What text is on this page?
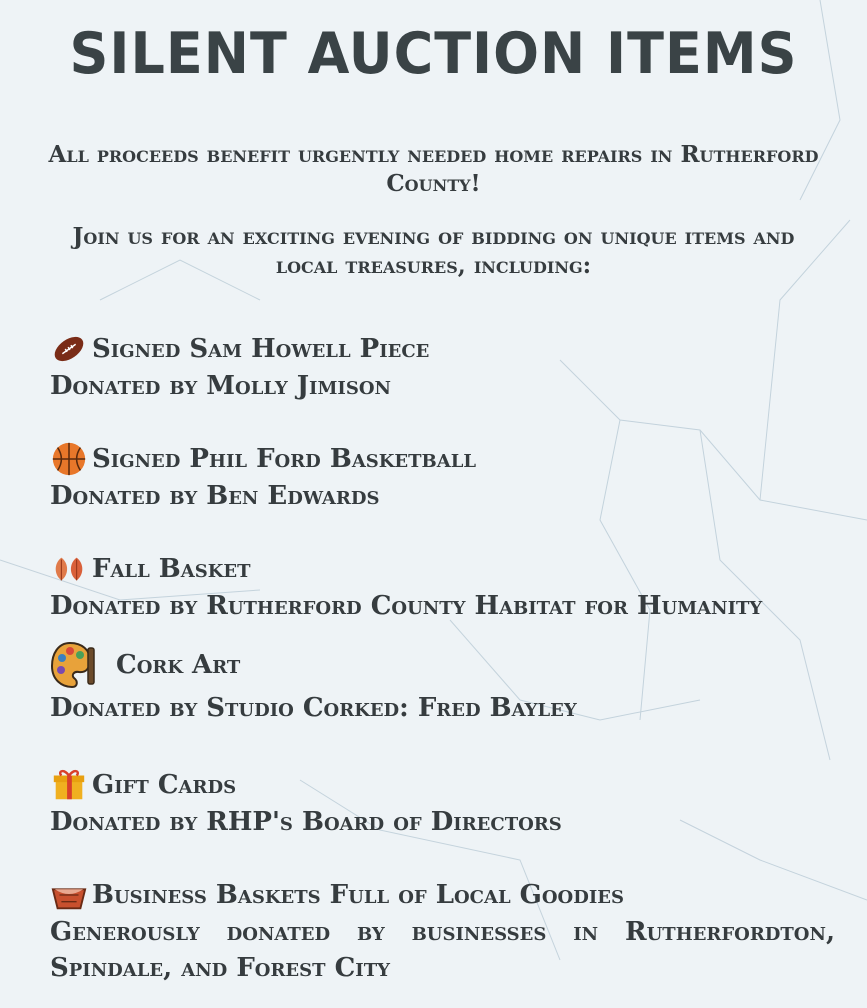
SILENT AUCTION ITEMS
All proceeds benefit urgently needed home repairs in Rutherford County!
Join us for an exciting evening of bidding on unique items and local treasures, including:
Signed Sam Howell Piece
Donated by Molly Jimison
Signed Phil Ford Basketball
Donated by Ben Edwards
Fall Basket
Donated by Rutherford County Habitat for Humanity
Cork Art
Donated by Studio Corked: Fred Bayley
Gift Cards
Donated by RHP's Board of Directors
Business Baskets Full of Local Goodies
Generously donated by businesses in Rutherfordton,
Spindale, and Forest City
